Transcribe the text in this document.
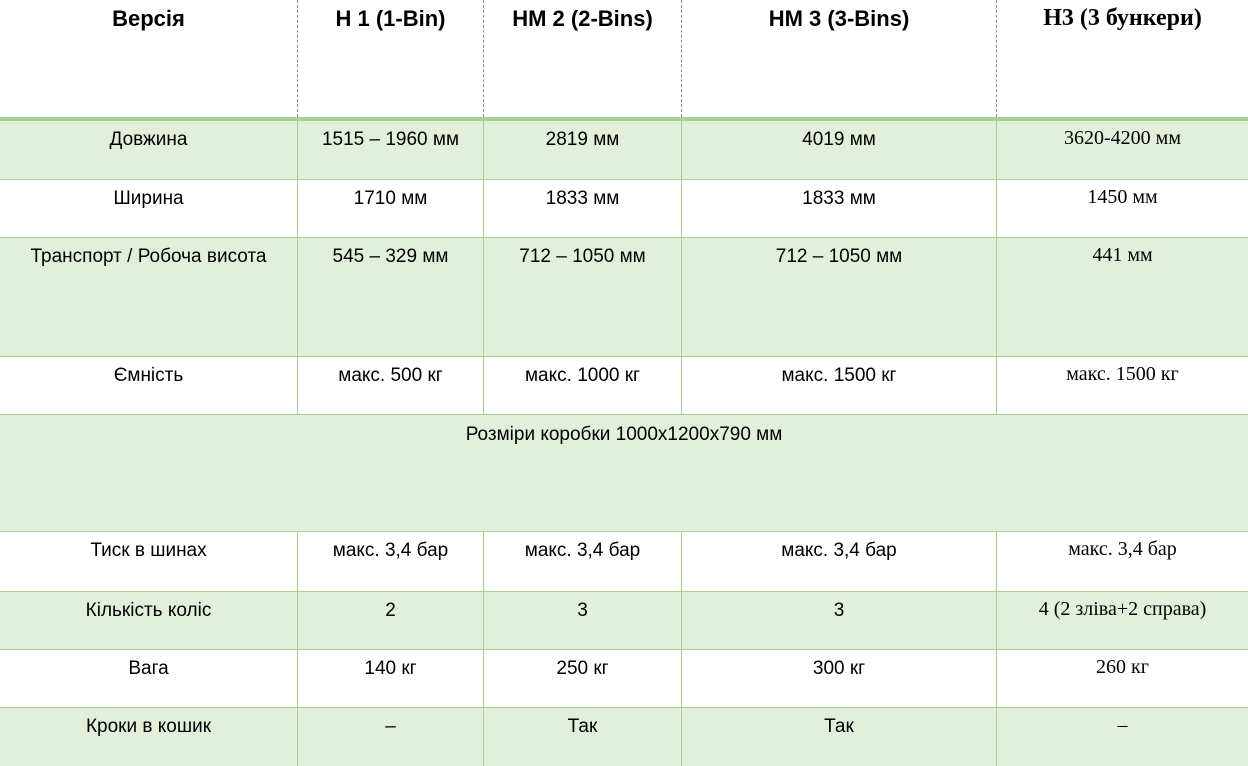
Версія	H 1 (1-Bin)	HM 2 (2-Bins)	HM 3 (3-Bins)	H3 (3 бункери)
Довжина	1515 – 1960 мм	2819 мм	4019 мм	3620-4200 мм
Ширина	1710 мм	1833 мм	1833 мм	1450 мм
Транспорт / Робоча висота	545 – 329 мм	712 – 1050 мм	712 – 1050 мм	441 мм
Ємність	макс. 500 кг	макс. 1000 кг	макс. 1500 кг	макс. 1500 кг
Розміри коробки 1000x1200x790 мм
Тиск в шинах	макс. 3,4 бар	макс. 3,4 бар	макс. 3,4 бар	макс. 3,4 бар
Кількість коліс	2	3	3	4 (2 зліва+2 справа)
Вага	140 кг	250 кг	300 кг	260 кг
Кроки в кошик	–	Так	Так	–
